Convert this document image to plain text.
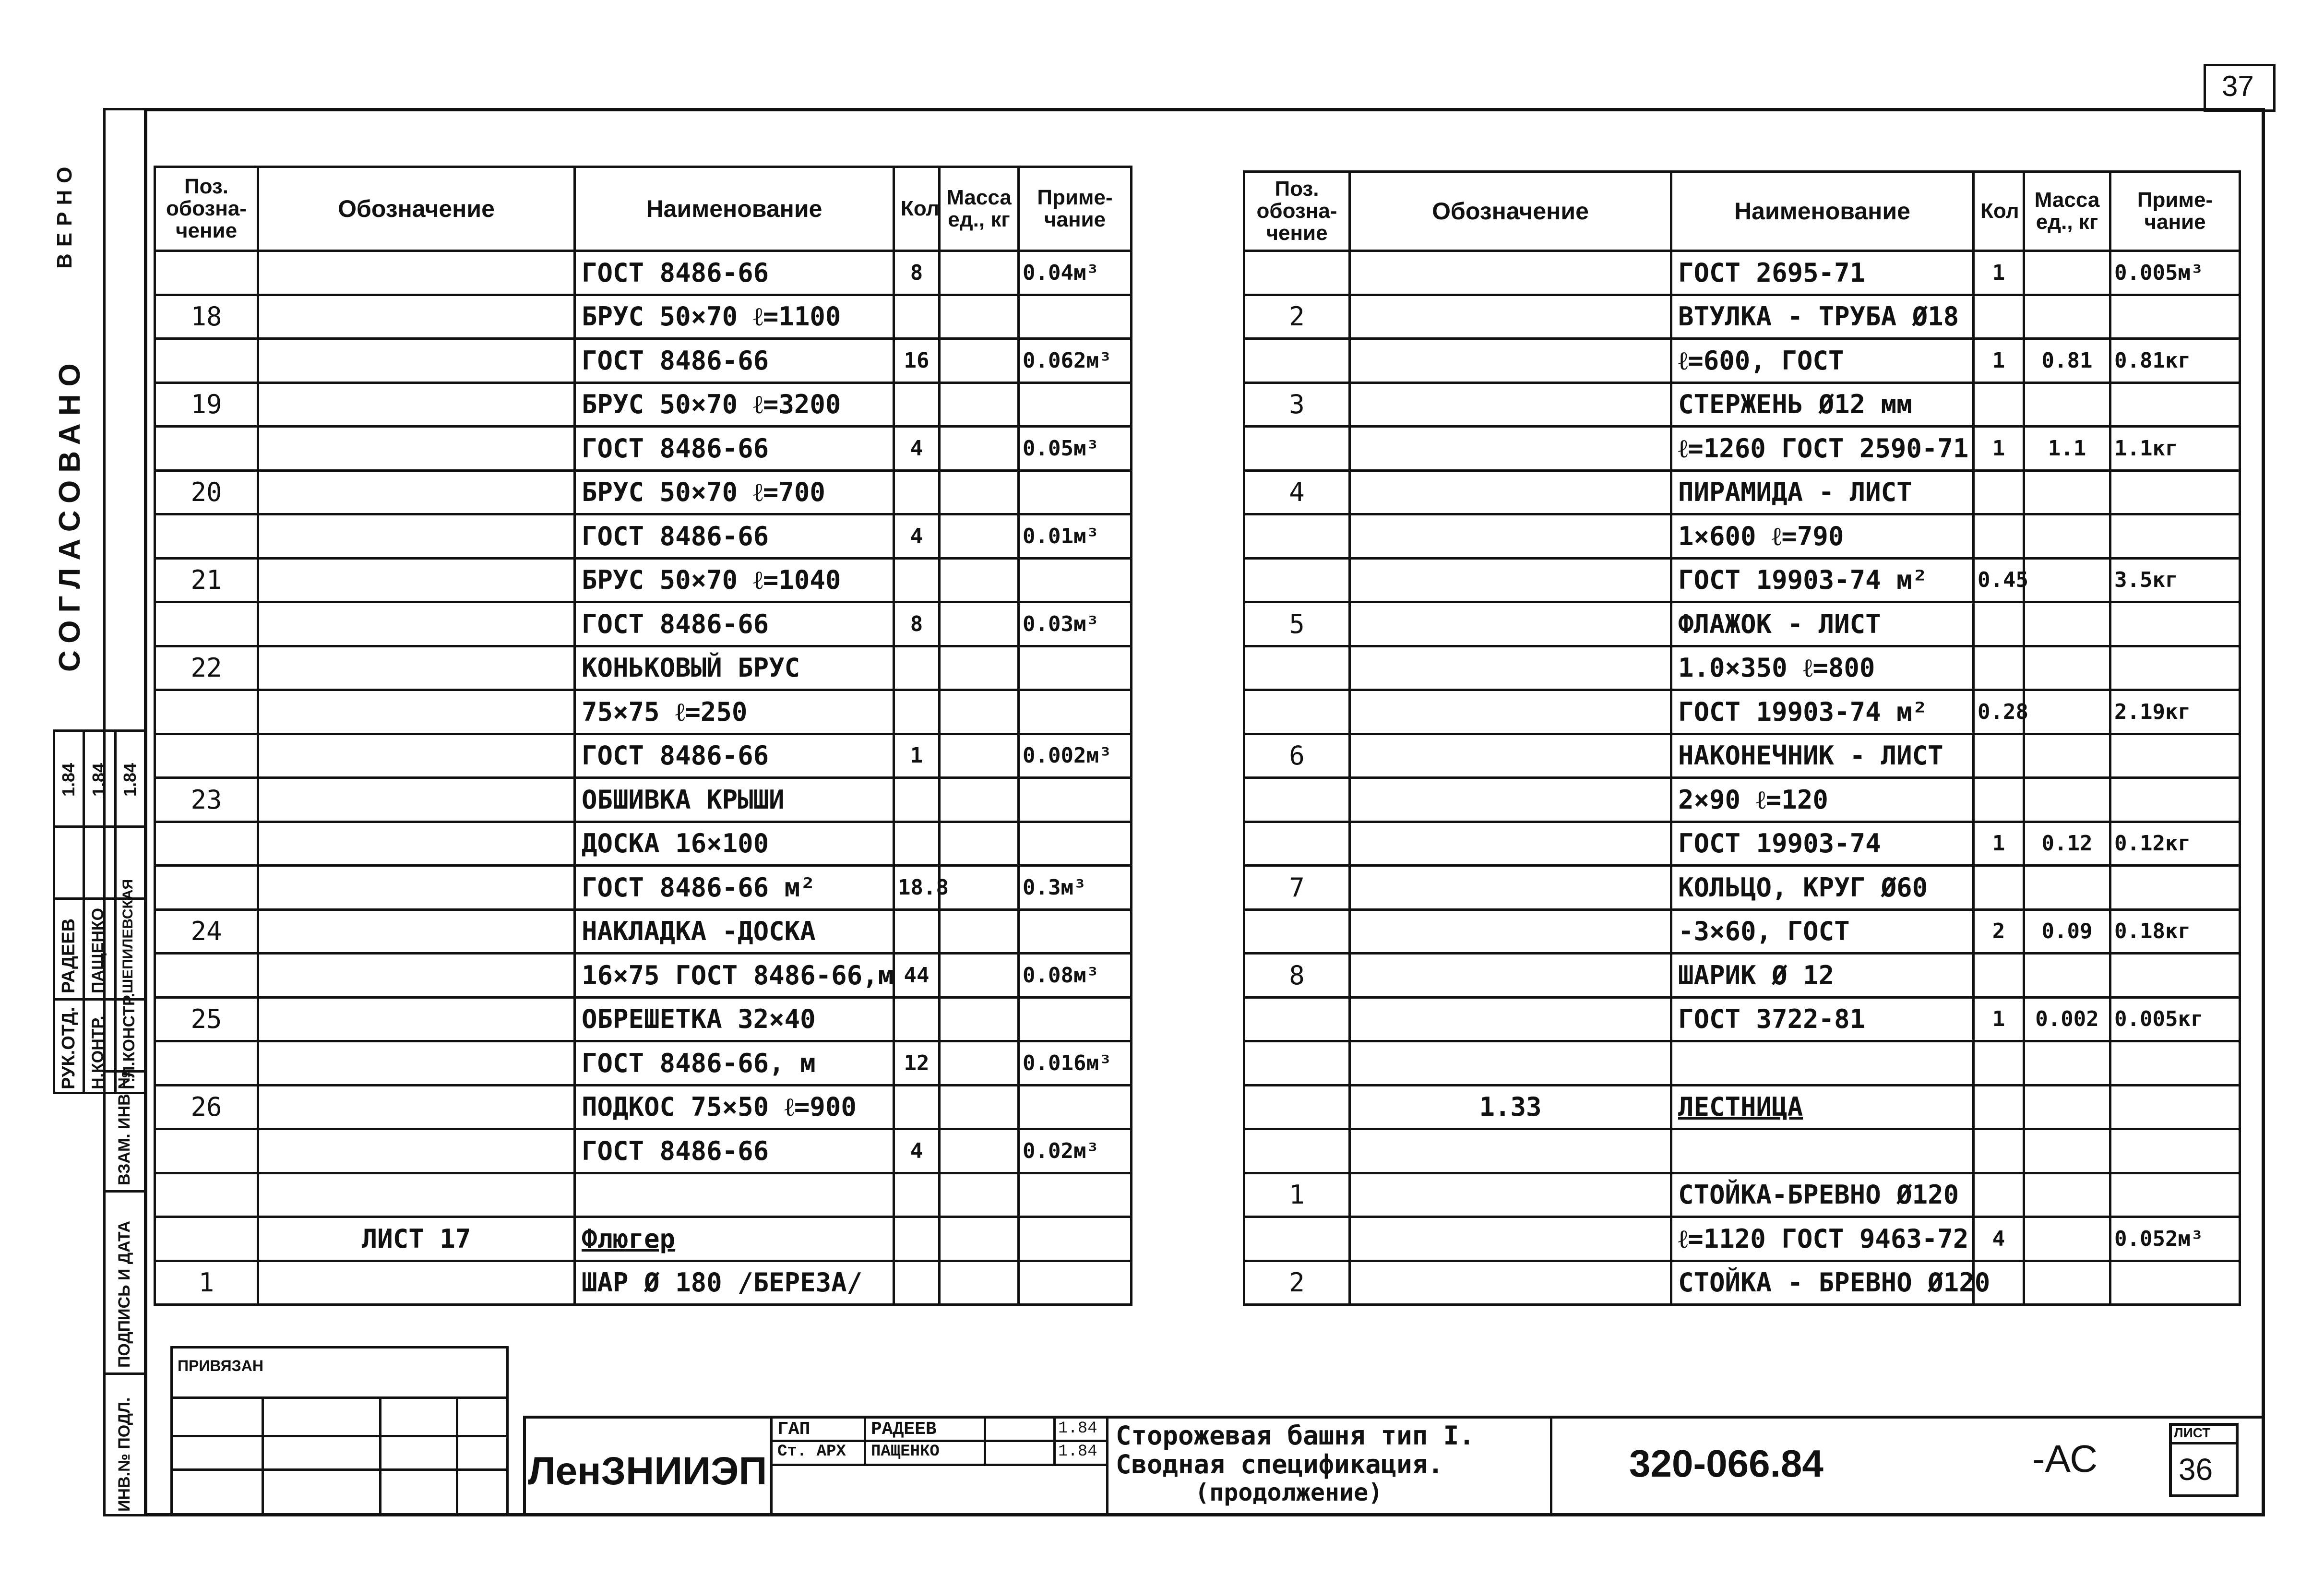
37
ВЕРНО
СОГЛАСОВАНО
РУК.ОТД. Н.КОНТР. Г.Л.КОНСТР.
РАДЕЕВ ПАЩЕНКО ШЕПИЛЕВСКАЯ
1.84 1.84 1.84
ВЗАМ. ИНВ №
ПОДПИСЬ И ДАТА
ИНВ.№ ПОДЛ.
Поз. обозна- чение	Обозначение	Наименование	Кол	Масса ед., кг	Приме- чание
		ГОСТ 8486-66	8		0.04м³
18		БРУС 50×70 ℓ=1100			
		ГОСТ 8486-66	16		0.062м³
19		БРУС 50×70 ℓ=3200			
		ГОСТ 8486-66	4		0.05м³
20		БРУС 50×70 ℓ=700			
		ГОСТ 8486-66	4		0.01м³
21		БРУС 50×70 ℓ=1040			
		ГОСТ 8486-66	8		0.03м³
22		КОНЬКОВЫЙ БРУС			
		75×75 ℓ=250			
		ГОСТ 8486-66	1		0.002м³
23		ОБШИВКА КРЫШИ			
		ДОСКА 16×100			
		ГОСТ 8486-66 м²	18.8		0.3м³
24		НАКЛАДКА -ДОСКА			
		16×75 ГОСТ 8486-66,м	44		0.08м³
25		ОБРЕШЕТКА 32×40			
		ГОСТ 8486-66, м	12		0.016м³
26		ПОДКОС 75×50 ℓ=900			
		ГОСТ 8486-66	4		0.02м³

	ЛИСТ 17	Флюгер			
1		ШАР Ø 180 /БЕРЕЗА/			
Поз. обозна- чение	Обозначение	Наименование	Кол	Масса ед., кг	Приме- чание
		ГОСТ 2695-71	1		0.005м³
2		ВТУЛКА - ТРУБА Ø18			
		ℓ=600, ГОСТ	1	0.81	0.81кг
3		СТЕРЖЕНЬ Ø12 мм			
		ℓ=1260 ГОСТ 2590-71	1	1.1	1.1кг
4		ПИРАМИДА - ЛИСТ			
		1×600 ℓ=790			
		ГОСТ 19903-74 м²	0.45		3.5кг
5		ФЛАЖОК - ЛИСТ			
		1.0×350 ℓ=800			
		ГОСТ 19903-74 м²	0.28		2.19кг
6		НАКОНЕЧНИК - ЛИСТ			
		2×90 ℓ=120			
		ГОСТ 19903-74	1	0.12	0.12кг
7		КОЛЬЦО, КРУГ Ø60			
		-3×60, ГОСТ	2	0.09	0.18кг
8		ШАРИК Ø 12			
		ГОСТ 3722-81	1	0.002	0.005кг

	1.33	ЛЕСТНИЦА			

1		СТОЙКА-БРЕВНО Ø120			
		ℓ=1120 ГОСТ 9463-72	4		0.052м³
2		СТОЙКА - БРЕВНО Ø120			
ПРИВЯЗАН
ЛенЗНИИЭП
ГАП	РАДЕЕВ
Ст. АРХ ПАЩЕНКО
1.84
1.84
Сторожевая башня тип I.
Сводная спецификация.
(продолжение)
320-066.84	-АС
ЛИСТ
36
